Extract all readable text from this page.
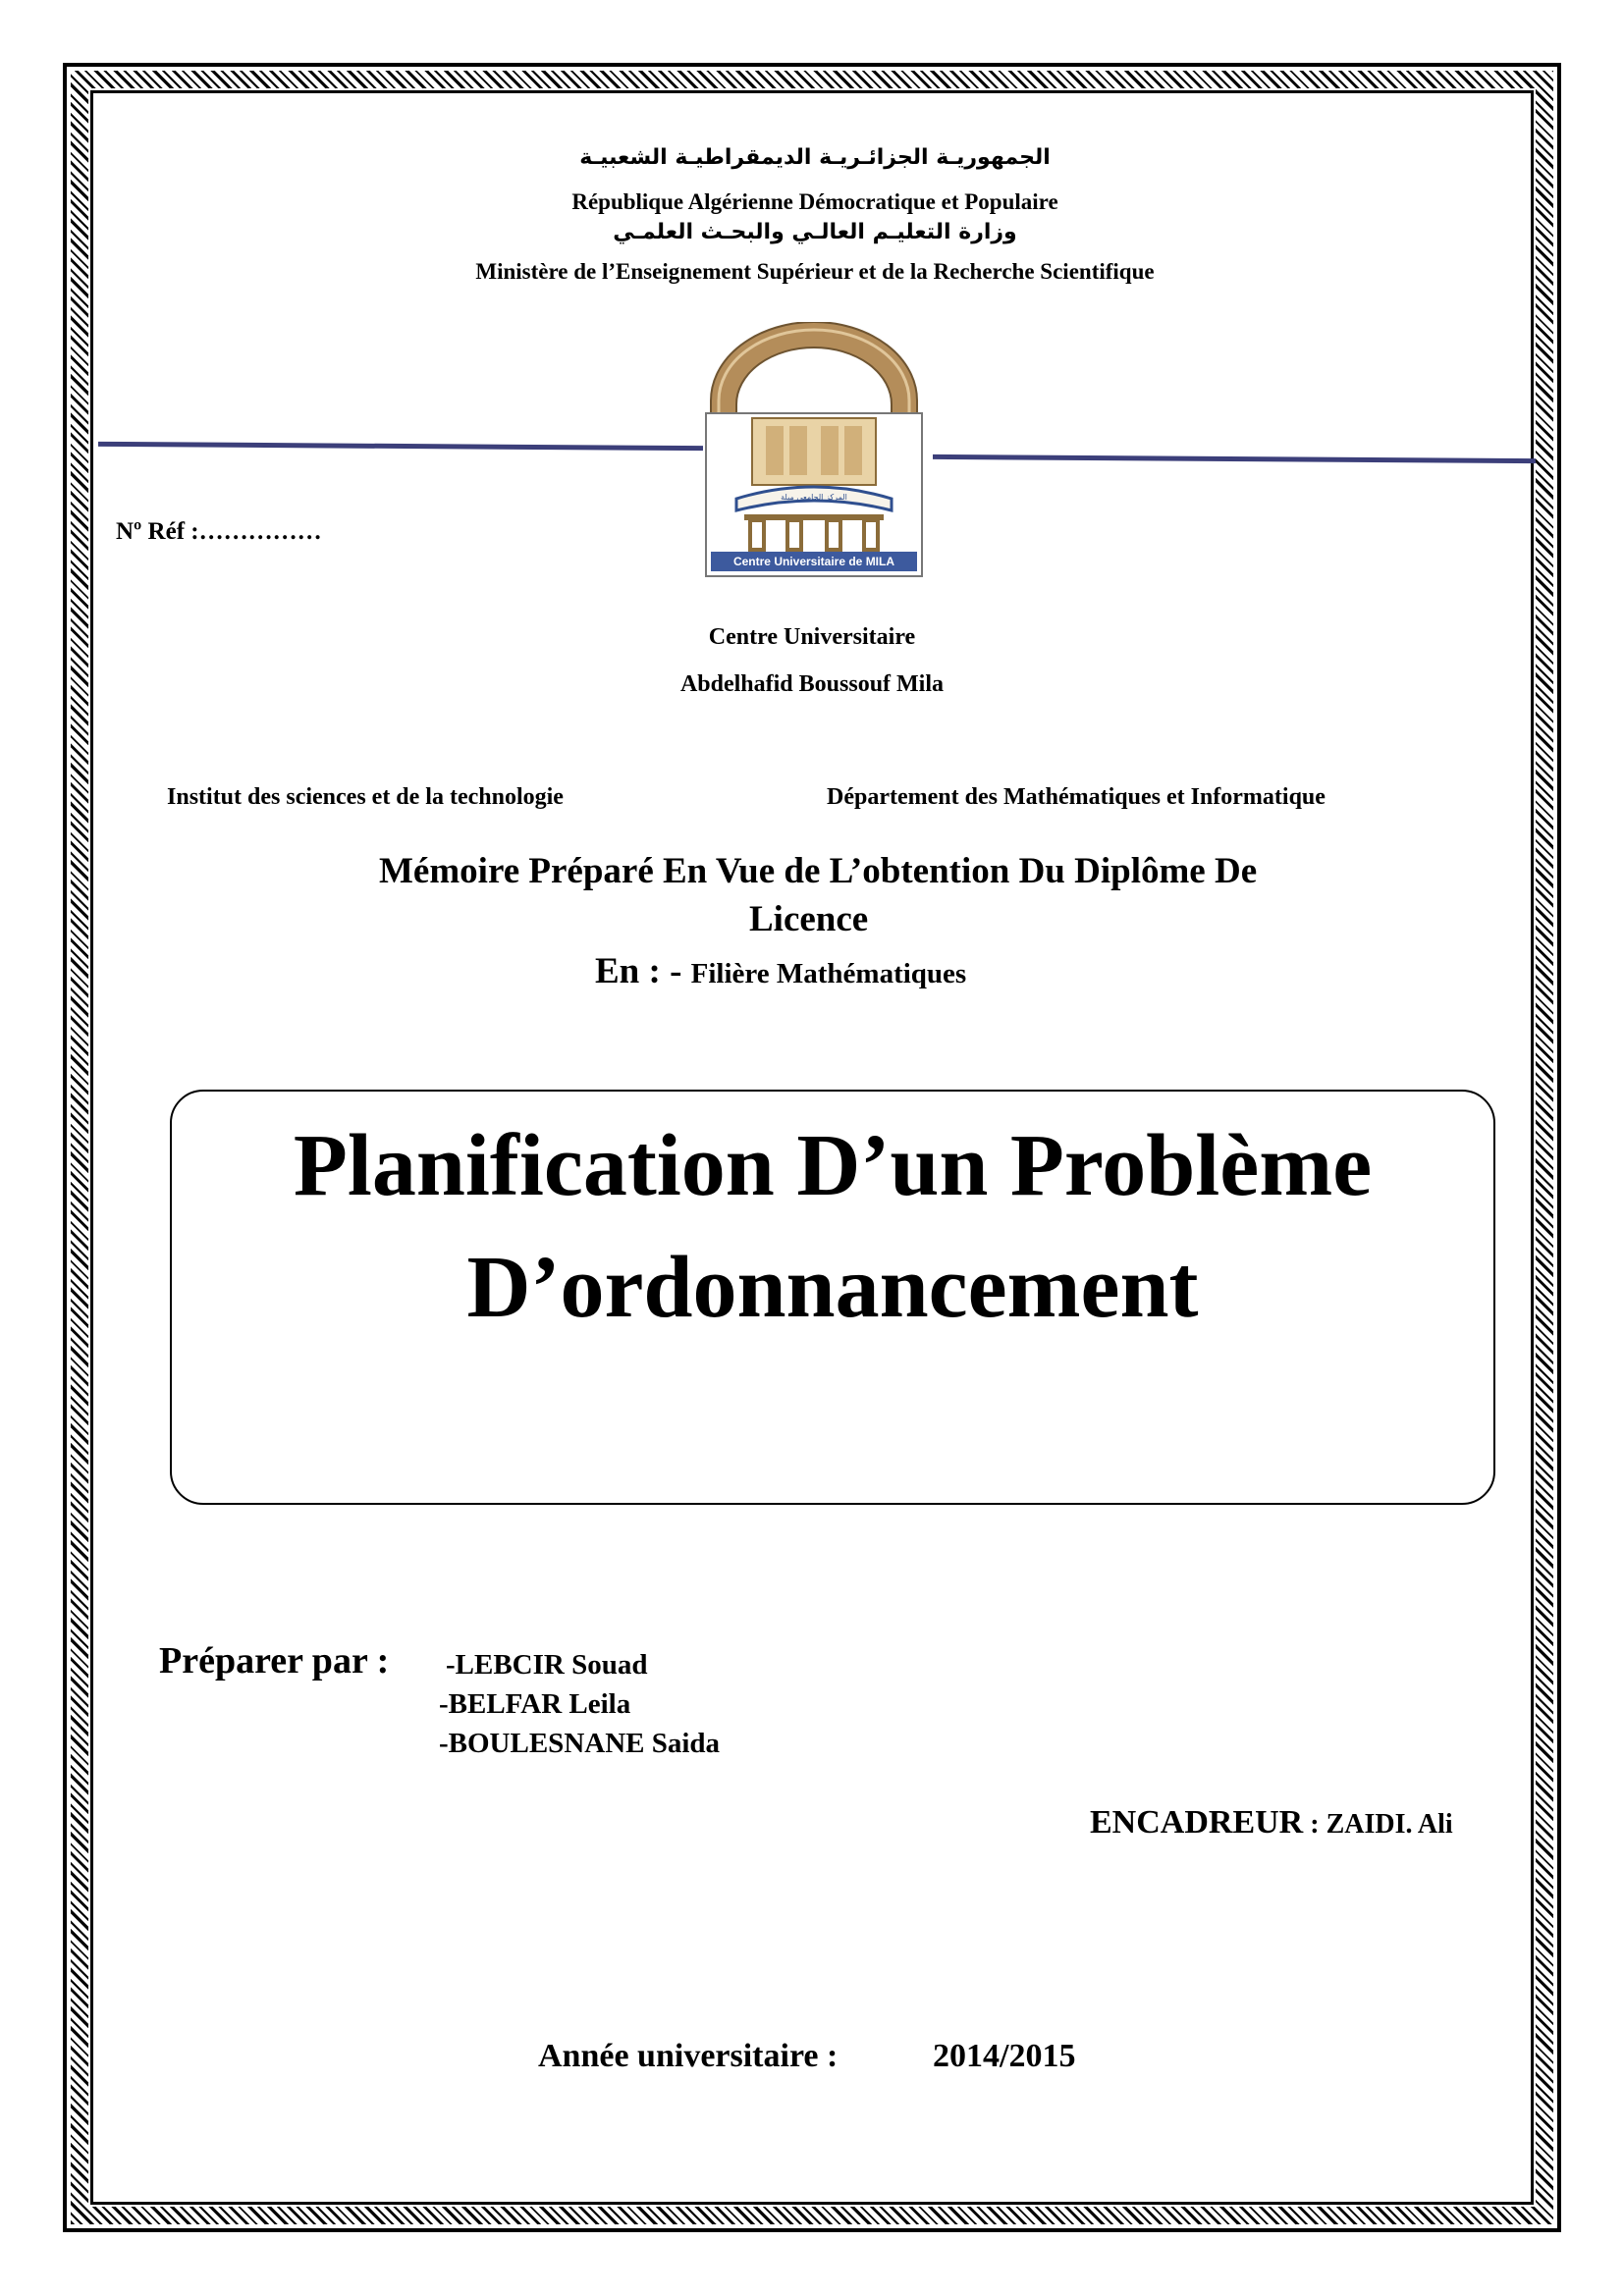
الجمهوريـة الجزائـريـة الديمقراطيـة الشعبيـة
République Algérienne Démocratique et Populaire
وزارة التعليـم العالـي والبحـث العلمـي
Ministère de l’Enseignement Supérieur et de la Recherche Scientifique
المركز الجامعي ميلة
Centre Universitaire de MILA
Nº Réf :……………
Centre Universitaire
Abdelhafid Boussouf Mila
Institut des sciences et de la technologie	Département des Mathématiques et Informatique
Mémoire Préparé En Vue de L’obtention Du Diplôme De
Licence
En : - Filière Mathématiques
Planification D’un Problème
D’ordonnancement
Préparer par : -LEBCIR Souad
-BELFAR Leila
-BOULESNANE Saida
ENCADREUR : ZAIDI. Ali
Année universitaire :	2014/2015
